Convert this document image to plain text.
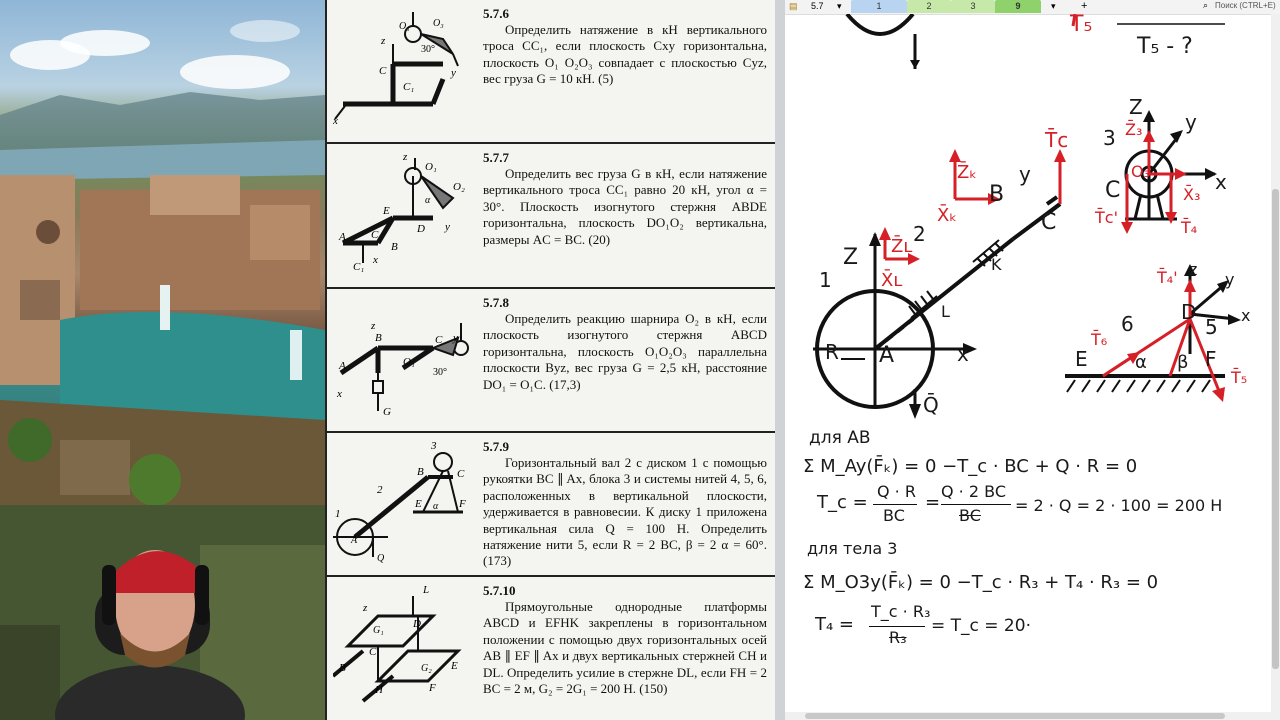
z
C
C₁
y
x
30°
O₃
O₁
5.7.6
Определить натяжение в кН вертикального троса CC₁, если плоскость Cxy горизонтальна, плоскость O₁ O₂O₃ совпадает с плоскостью Cyz, вес груза G = 10 кН. (5)
z
O₁
O₂
E
A C
B
D y
x
C₁
α
5.7.7
Определить вес груза G в кН, если натяжение вертикального троса CC₁ равно 20 кН, угол α = 30°. Плоскость изогнутого стержня ABDE горизонтальна, плоскость DO₁O₂ вертикальна, размеры AC = BC. (20)
z
B
A	O₁
C y
30°
x
G
5.7.8
Определить реакцию шарнира O₂ в кН, если плоскость изогнутого стержня ABCD горизонтальна, плоскость O₁O₂O₃ параллельна плоскости Byz, вес груза G = 2,5 кН, расстояние DO₁ = O₁C. (17,3)
1
2
3
B	C
E	F
A
Q
α
5.7.9
Горизонтальный вал 2 с диском 1 с помощью рукоятки BC ∥ Ax, блока 3 и системы нитей 4, 5, 6, расположенных в вертикальной плоскости, удерживается в равновесии. К диску 1 приложена вертикальная сила Q = 100 Н. Определить натяжение нити 5, если R = 2 BC, β = 2 α = 60°. (173)
z
B
C
D
H
E
F
L
G₁
G₂
5.7.10
Прямоугольные однородные платформы ABCD и EFHK закреплены в горизонтальном положении с помощью двух горизонтальных осей AB ∥ EF ∥ Ax и двух вертикальных стержней CH и DL. Определить усилие в стержне DL, если FH = 2 BC = 2 м, G₂ = 2G₁ = 200 Н. (150)
▤ 5.7 ▾	1	2	3	9	▾ +	⌕ Поиск (CTRL+E)
T₅
T₅ - ?
Z
1
2
A
R	x
Q̄
B
y
C
K
L
T̄c
Z̄ₖ
X̄ₖ
Z̄ʟ
X̄ʟ
Z
y
x
3
C
O₃
Z̄₃
X̄₃
T̄₄
T̄c'
z
y
x
D
5
6
E	F
α β
T̄₄'
T̄₆
T̄₅
для АВ
Σ M_Ay(F̄ₖ) = 0 −T_c · BC + Q · R = 0
T_c =
Q · R
BC
=
Q · 2 BC
BC
= 2 · Q = 2 · 100 = 200 H
для тела 3
Σ M_O3y(F̄ₖ) = 0 −T_c · R₃ + T₄ · R₃ = 0
T₄ =
T_c · R₃
R₃
= T_c = 20·
